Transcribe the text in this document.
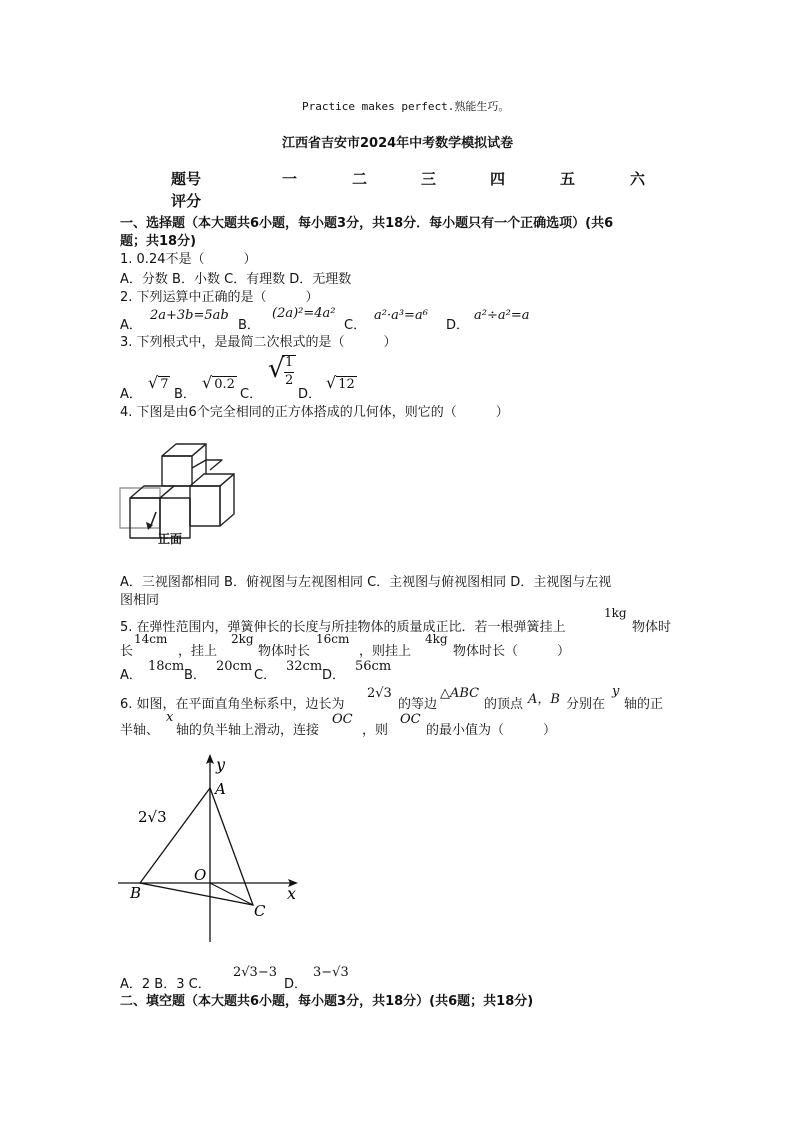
Practice makes perfect.熟能生巧。
江西省吉安市2024年中考数学模拟试卷
题号	一	二	三	四	五	六
评分
一、选择题（本大题共6小题，每小题3分，共18分．每小题只有一个正确选项）(共6
题；共18分)
1. 0.24不是（　　　）
A．分数 B．小数 C．有理数 D．无理数
2. 下列运算中正确的是（　　　）
A．
2a+3b=5ab
B．
(2a)²=4a²
C．
a²·a³=a⁶
D．
a²÷a²=a
3. 下列根式中，是最简二次根式的是（　　　）
A．
√ 7
B．
√ 0.2
C．
√ 1
2
D．
√ 12
4. 下图是由6个完全相同的正方体搭成的几何体，则它的（　　　）
正面
A．三视图都相同 B．俯视图与左视图相同 C．主视图与俯视图相同 D．主视图与左视
图相同
5. 在弹性范围内，弹簧伸长的长度与所挂物体的质量成正比．若一根弹簧挂上
1kg
物体时
长
14cm
，挂上
2kg
物体时长
16cm
，则挂上
4kg
物体时长（　　　）
A．
18cm
B．
20cm
C．
32cm
D．
56cm
6. 如图，在平面直角坐标系中，边长为
2√3
的等边
△ABC
的顶点 A，B 分别在
y
轴的正
半轴、
x
轴的负半轴上滑动，连接
OC
，则
OC
的最小值为（　　　）
y
x
A
B
C
O
2√3
A．2 B．3 C．
2√3−3
D．
3−√3
二、填空题（本大题共6小题，每小题3分，共18分）(共6题；共18分)
